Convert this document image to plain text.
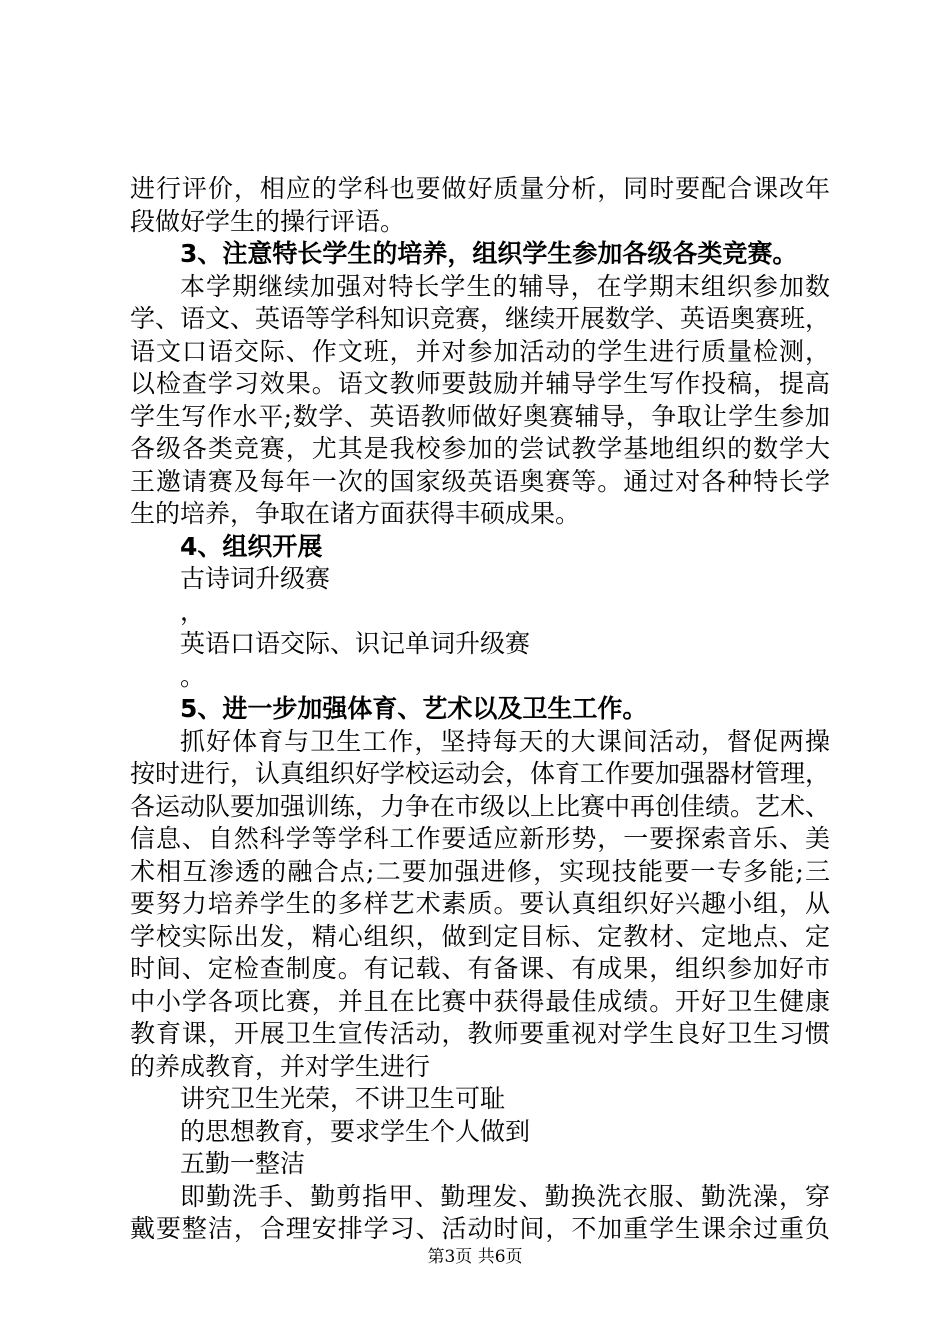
进行评价，相应的学科也要做好质量分析，同时要配合课改年
段做好学生的操行评语。
3、注意特长学生的培养，组织学生参加各级各类竞赛。
本学期继续加强对特长学生的辅导，在学期末组织参加数
学、语文、英语等学科知识竞赛，继续开展数学、英语奥赛班，
语文口语交际、作文班，并对参加活动的学生进行质量检测，
以检查学习效果。语文教师要鼓励并辅导学生写作投稿，提高
学生写作水平;数学、英语教师做好奥赛辅导，争取让学生参加
各级各类竞赛，尤其是我校参加的尝试教学基地组织的数学大
王邀请赛及每年一次的国家级英语奥赛等。通过对各种特长学
生的培养，争取在诸方面获得丰硕成果。
4、组织开展
古诗词升级赛
，
英语口语交际、识记单词升级赛
。
5、进一步加强体育、艺术以及卫生工作。
抓好体育与卫生工作，坚持每天的大课间活动，督促两操
按时进行，认真组织好学校运动会，体育工作要加强器材管理，
各运动队要加强训练，力争在市级以上比赛中再创佳绩。艺术、
信息、自然科学等学科工作要适应新形势，一要探索音乐、美
术相互渗透的融合点;二要加强进修，实现技能要一专多能;三
要努力培养学生的多样艺术素质。要认真组织好兴趣小组，从
学校实际出发，精心组织，做到定目标、定教材、定地点、定
时间、定检查制度。有记载、有备课、有成果，组织参加好市
中小学各项比赛，并且在比赛中获得最佳成绩。开好卫生健康
教育课，开展卫生宣传活动，教师要重视对学生良好卫生习惯
的养成教育，并对学生进行
讲究卫生光荣，不讲卫生可耻
的思想教育，要求学生个人做到
五勤一整洁
即勤洗手、勤剪指甲、勤理发、勤换洗衣服、勤洗澡，穿
戴要整洁，合理安排学习、活动时间，不加重学生课余过重负
第3页 共6页
